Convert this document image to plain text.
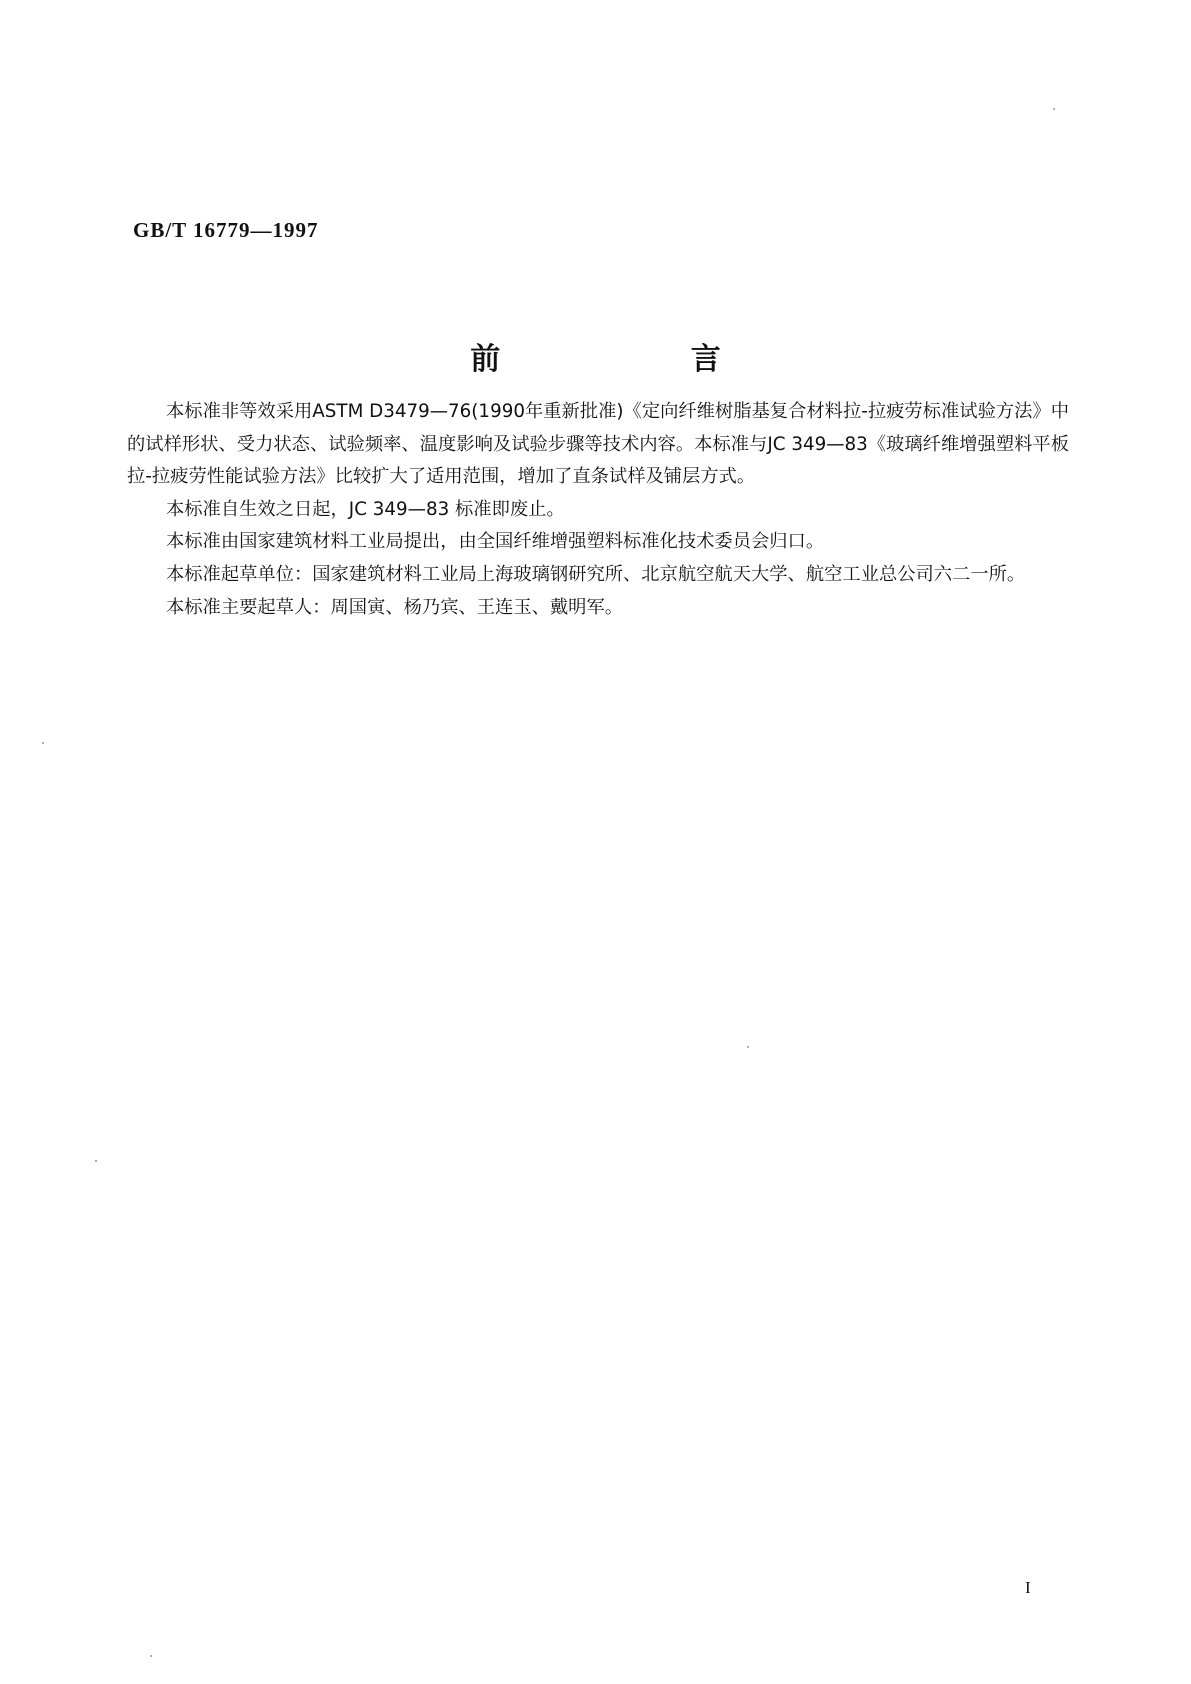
GB/T 16779—1997
前 言

本标准非等效采用ASTM D3479—76(1990年重新批准)《定向纤维树脂基复合材料拉-拉疲劳标准试验方法》中的试样形状、受力状态、试验频率、温度影响及试验步骤等技术内容。本标准与JC 349—83《玻璃纤维增强塑料平板拉-拉疲劳性能试验方法》比较扩大了适用范围，增加了直条试样及铺层方式。

本标准自生效之日起，JC 349—83 标准即废止。

本标准由国家建筑材料工业局提出，由全国纤维增强塑料标准化技术委员会归口。

本标准起草单位：国家建筑材料工业局上海玻璃钢研究所、北京航空航天大学、航空工业总公司六二一所。

本标准主要起草人：周国寅、杨乃宾、王连玉、戴明军。

I
